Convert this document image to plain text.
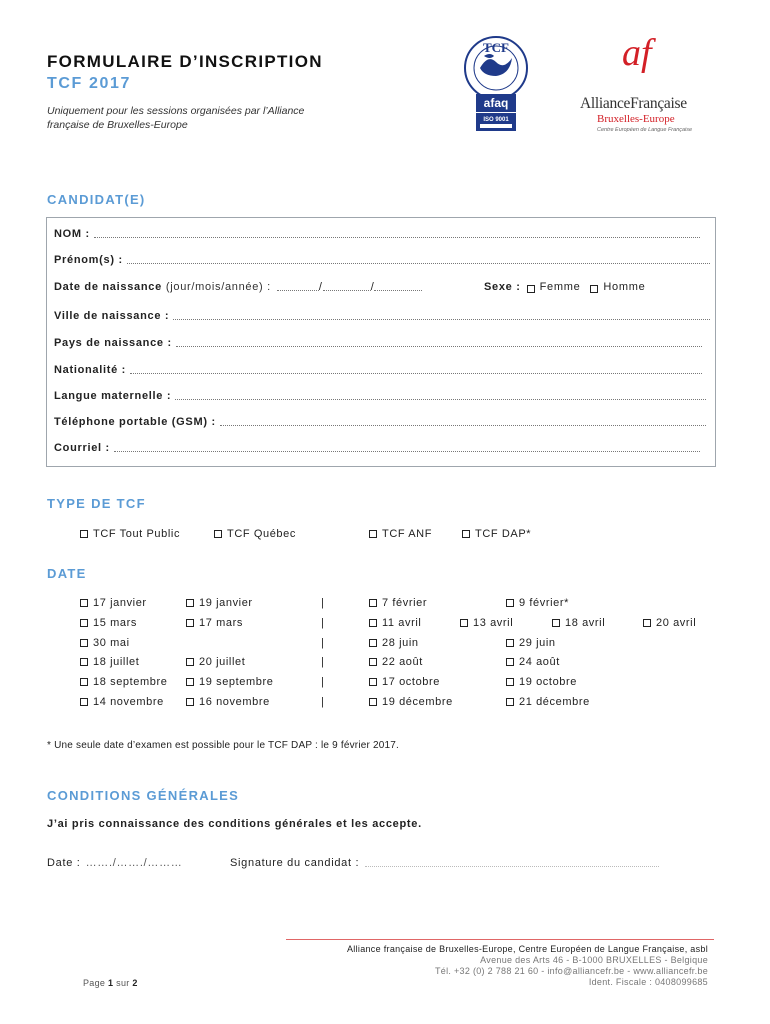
FORMULAIRE D’INSCRIPTION
TCF 2017
Uniquement pour les sessions organisées par l’Alliance
française de Bruxelles-Europe
TCF
afaq
ISO 9001
af
AllianceFrançaise
Bruxelles-Europe
Centre Européen de Langue Française
CANDIDAT(E)
NOM :
Prénom(s) :
Date de naissance (jour/mois/année) :	/	/	Sexe : Femme Homme
Ville de naissance :
Pays de naissance :
Nationalité :
Langue maternelle :
Téléphone portable (GSM) :
Courriel :
TYPE DE TCF
TCF Tout Public	TCF Québec	TCF ANF	TCF DAP*
DATE
17 janvier	19 janvier	|	7 février	9 février*
15 mars	17 mars	|	11 avril	13 avril	18 avril	20 avril
30 mai	|	28 juin	29 juin
18 juillet	20 juillet	|	22 août	24 août
18 septembre	19 septembre	|	17 octobre	19 octobre
14 novembre	16 novembre	|	19 décembre	21 décembre
* Une seule date d’examen est possible pour le TCF DAP : le 9 février 2017.
CONDITIONS GÉNÉRALES
J’ai pris connaissance des conditions générales et les accepte.
Date : ……./……./………	Signature du candidat :
Alliance française de Bruxelles-Europe, Centre Européen de Langue Française, asbl
Avenue des Arts 46 - B-1000 BRUXELLES - Belgique
Tél. +32 (0) 2 788 21 60 - info@alliancefr.be - www.alliancefr.be
Ident. Fiscale : 0408099685
Page 1 sur 2
